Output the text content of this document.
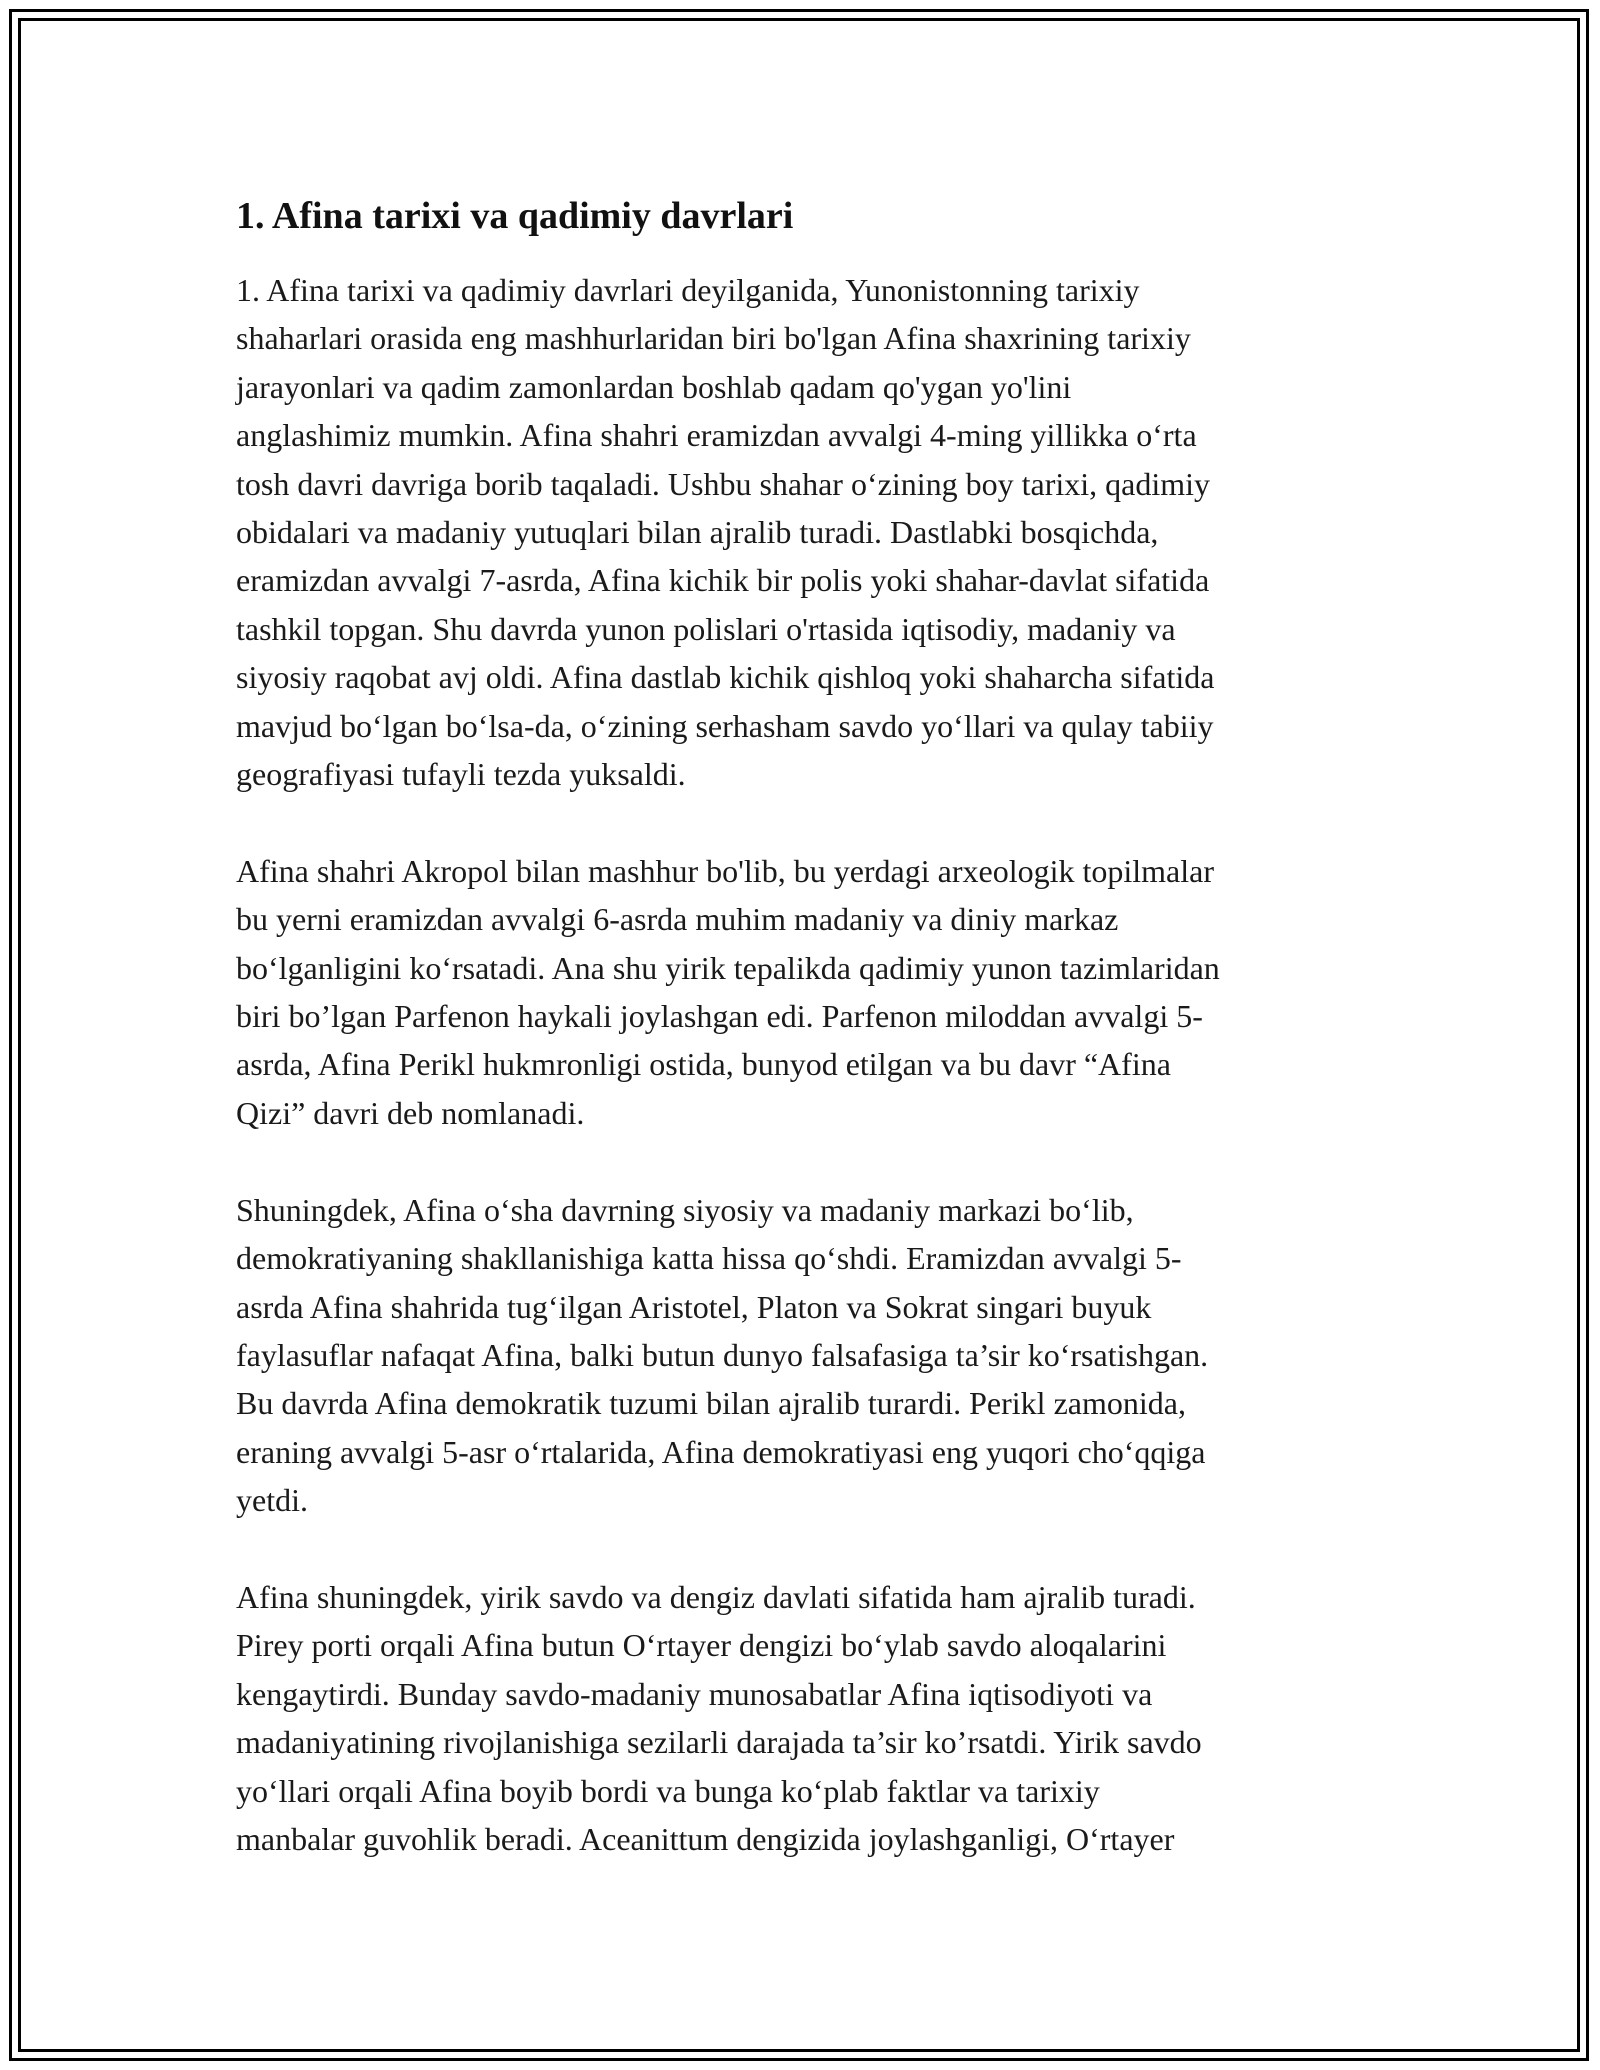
1. Afina tarixi va qadimiy davrlari

1. Afina tarixi va qadimiy davrlari deyilganida, Yunonistonning tarixiy
shaharlari orasida eng mashhurlaridan biri bo'lgan Afina shaxrining tarixiy
jarayonlari va qadim zamonlardan boshlab qadam qo'ygan yo'lini
anglashimiz mumkin. Afina shahri eramizdan avvalgi 4-ming yillikka o‘rta
tosh davri davriga borib taqaladi. Ushbu shahar o‘zining boy tarixi, qadimiy
obidalari va madaniy yutuqlari bilan ajralib turadi. Dastlabki bosqichda,
eramizdan avvalgi 7-asrda, Afina kichik bir polis yoki shahar-davlat sifatida
tashkil topgan. Shu davrda yunon polislari o'rtasida iqtisodiy, madaniy va
siyosiy raqobat avj oldi. Afina dastlab kichik qishloq yoki shaharcha sifatida
mavjud bo‘lgan bo‘lsa-da, o‘zining serhasham savdo yo‘llari va qulay tabiiy
geografiyasi tufayli tezda yuksaldi.

Afina shahri Akropol bilan mashhur bo'lib, bu yerdagi arxeologik topilmalar
bu yerni eramizdan avvalgi 6-asrda muhim madaniy va diniy markaz
bo‘lganligini ko‘rsatadi. Ana shu yirik tepalikda qadimiy yunon tazimlaridan
biri bo’lgan Parfenon haykali joylashgan edi. Parfenon miloddan avvalgi 5-
asrda, Afina Perikl hukmronligi ostida, bunyod etilgan va bu davr “Afina
Qizi” davri deb nomlanadi.

Shuningdek, Afina o‘sha davrning siyosiy va madaniy markazi bo‘lib,
demokratiyaning shakllanishiga katta hissa qo‘shdi. Eramizdan avvalgi 5-
asrda Afina shahrida tug‘ilgan Aristotel, Platon va Sokrat singari buyuk
faylasuflar nafaqat Afina, balki butun dunyo falsafasiga ta’sir ko‘rsatishgan.
Bu davrda Afina demokratik tuzumi bilan ajralib turardi. Perikl zamonida,
eraning avvalgi 5-asr o‘rtalarida, Afina demokratiyasi eng yuqori cho‘qqiga
yetdi.

Afina shuningdek, yirik savdo va dengiz davlati sifatida ham ajralib turadi.
Pirey porti orqali Afina butun O‘rtayer dengizi bo‘ylab savdo aloqalarini
kengaytirdi. Bunday savdo-madaniy munosabatlar Afina iqtisodiyoti va
madaniyatining rivojlanishiga sezilarli darajada ta’sir ko’rsatdi. Yirik savdo
yo‘llari orqali Afina boyib bordi va bunga ko‘plab faktlar va tarixiy
manbalar guvohlik beradi. Aceanittum dengizida joylashganligi, O‘rtayer
